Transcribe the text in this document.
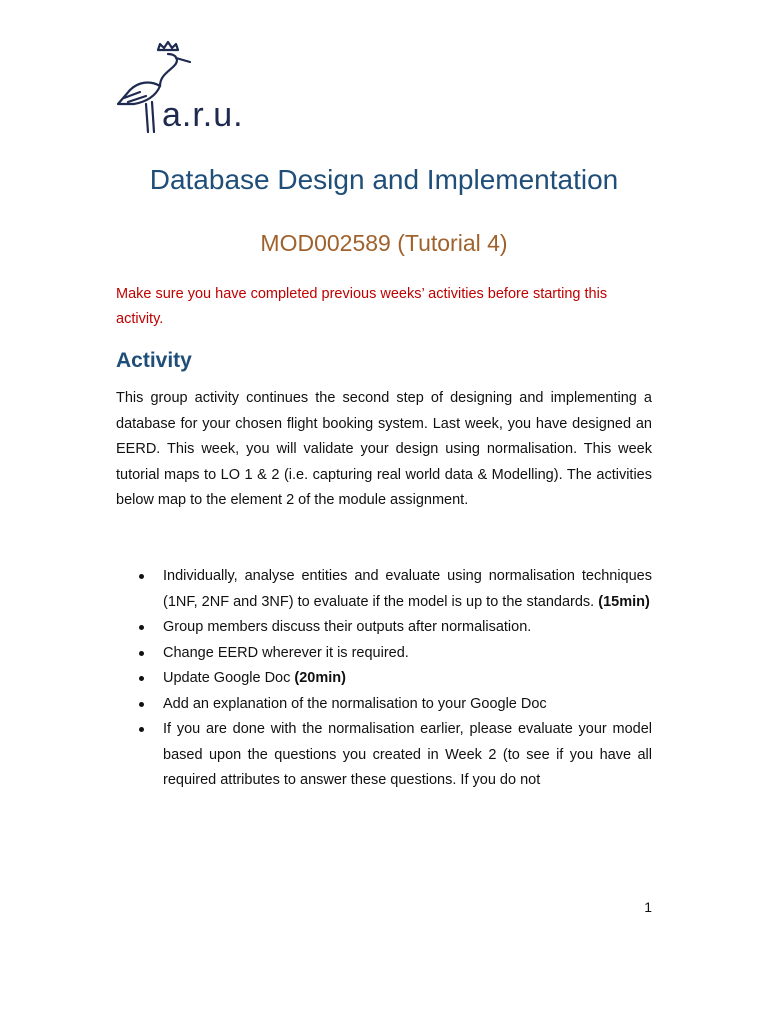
a.r.u.
Database Design and Implementation
MOD002589 (Tutorial 4)
Make sure you have completed previous weeks’ activities before starting this activity.
Activity
This group activity continues the second step of designing and implementing a database for your chosen flight booking system. Last week, you have designed an EERD. This week, you will validate your design using normalisation. This week tutorial maps to LO 1 & 2 (i.e. capturing real world data & Modelling). The activities below map to the element 2 of the module assignment.
Individually, analyse entities and evaluate using normalisation techniques (1NF, 2NF and 3NF) to evaluate if the model is up to the standards. (15min)
Group members discuss their outputs after normalisation.
Change EERD wherever it is required.
Update Google Doc (20min)
Add an explanation of the normalisation to your Google Doc
If you are done with the normalisation earlier, please evaluate your model based upon the questions you created in Week 2 (to see if you have all required attributes to answer these questions. If you do not
1
